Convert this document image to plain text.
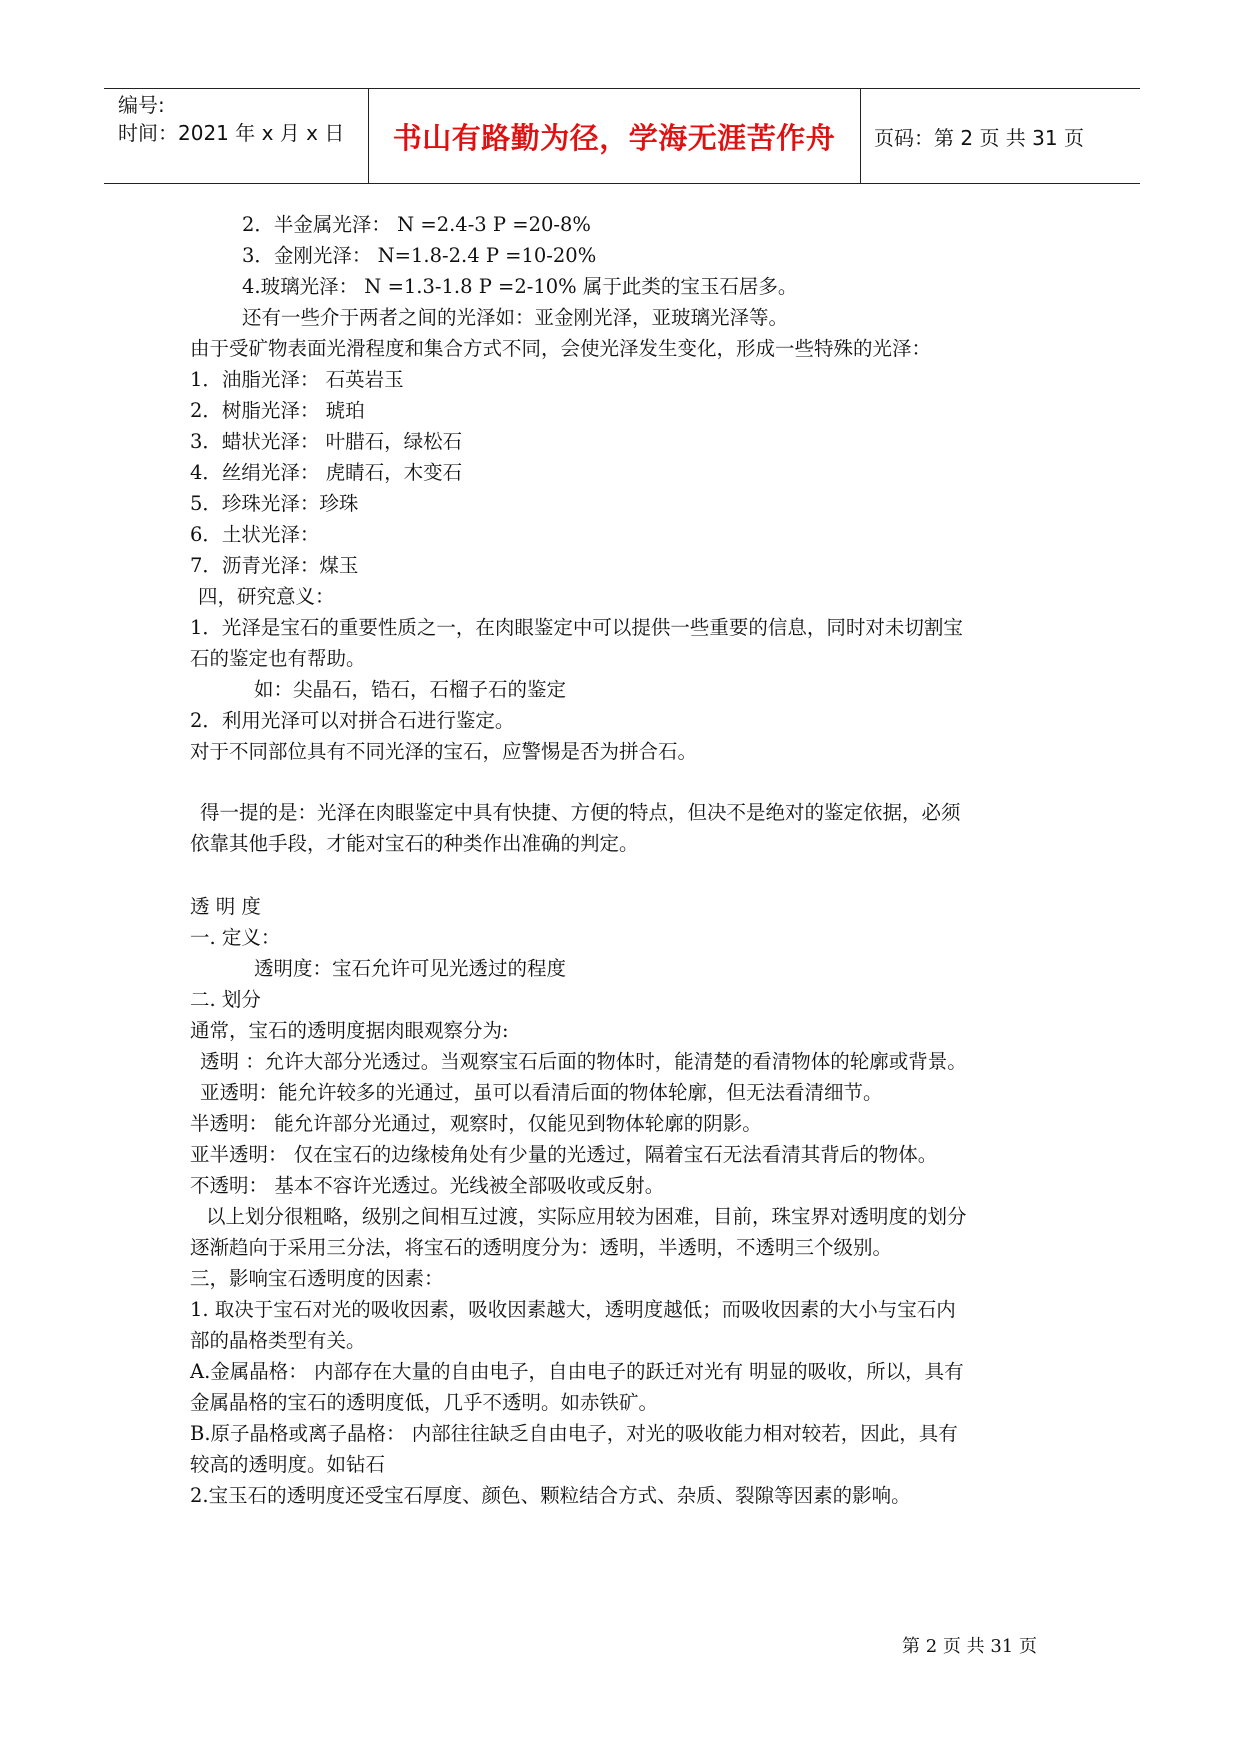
编号:
时间：2021 年 x 月 x 日	书山有路勤为径，学海无涯苦作舟	页码：第 2 页 共 31 页
2．半金属光泽： N =2.4-3 P =20-8%
3．金刚光泽： N=1.8-2.4 P =10-20%
4.玻璃光泽： N =1.3-1.8 P =2-10% 属于此类的宝玉石居多。
还有一些介于两者之间的光泽如：亚金刚光泽，亚玻璃光泽等。
由于受矿物表面光滑程度和集合方式不同，会使光泽发生变化，形成一些特殊的光泽：
1．油脂光泽： 石英岩玉
2．树脂光泽： 琥珀
3．蜡状光泽： 叶腊石，绿松石
4．丝绢光泽： 虎睛石，木变石
5．珍珠光泽：珍珠
6．土状光泽：
7．沥青光泽：煤玉
四，研究意义：
1．光泽是宝石的重要性质之一，在肉眼鉴定中可以提供一些重要的信息，同时对未切割宝
石的鉴定也有帮助。
如：尖晶石，锆石，石榴子石的鉴定
2．利用光泽可以对拼合石进行鉴定。
对于不同部位具有不同光泽的宝石，应警惕是否为拼合石。
得一提的是：光泽在肉眼鉴定中具有快捷、方便的特点，但决不是绝对的鉴定依据，必须
依靠其他手段，才能对宝石的种类作出准确的判定。
透 明 度
一. 定义：
透明度：宝石允许可见光透过的程度
二. 划分
通常，宝石的透明度据肉眼观察分为:
透明 ：允许大部分光透过。当观察宝石后面的物体时，能清楚的看清物体的轮廓或背景。
亚透明：能允许较多的光通过，虽可以看清后面的物体轮廓，但无法看清细节。
半透明： 能允许部分光通过，观察时，仅能见到物体轮廓的阴影。
亚半透明： 仅在宝石的边缘棱角处有少量的光透过，隔着宝石无法看清其背后的物体。
不透明： 基本不容许光透过。光线被全部吸收或反射。
以上划分很粗略，级别之间相互过渡，实际应用较为困难，目前，珠宝界对透明度的划分
逐渐趋向于采用三分法，将宝石的透明度分为：透明，半透明，不透明三个级别。
三，影响宝石透明度的因素：
1. 取决于宝石对光的吸收因素，吸收因素越大，透明度越低；而吸收因素的大小与宝石内
部的晶格类型有关。
A.金属晶格： 内部存在大量的自由电子，自由电子的跃迁对光有 明显的吸收，所以，具有
金属晶格的宝石的透明度低，几乎不透明。如赤铁矿。
B.原子晶格或离子晶格： 内部往往缺乏自由电子，对光的吸收能力相对较若，因此，具有
较高的透明度。如钻石
2.宝玉石的透明度还受宝石厚度、颜色、颗粒结合方式、杂质、裂隙等因素的影响。
第 2 页 共 31 页
